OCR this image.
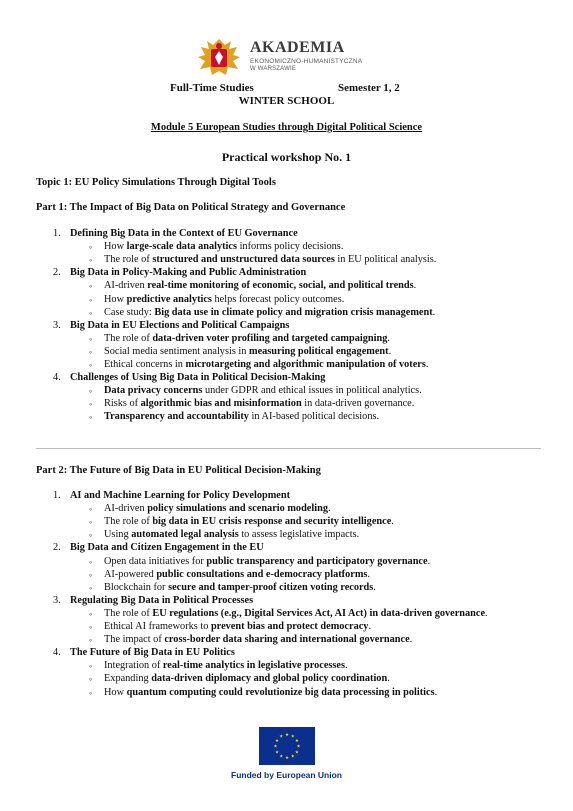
AKADEMIA
EKONOMICZNO-HUMANISTYCZNA
W WARSZAWIE
Full-Time Studies	Semester 1, 2
WINTER SCHOOL
Module 5 European Studies through Digital Political Science
Practical workshop No. 1
Topic 1: EU Policy Simulations Through Digital Tools
Part 1: The Impact of Big Data on Political Strategy and Governance
1. Defining Big Data in the Context of EU Governance
◦ How large-scale data analytics informs policy decisions.
◦ The role of structured and unstructured data sources in EU political analysis.
2. Big Data in Policy-Making and Public Administration
◦ AI-driven real-time monitoring of economic, social, and political trends.
◦ How predictive analytics helps forecast policy outcomes.
◦ Case study: Big data use in climate policy and migration crisis management.
3. Big Data in EU Elections and Political Campaigns
◦ The role of data-driven voter profiling and targeted campaigning.
◦ Social media sentiment analysis in measuring political engagement.
◦ Ethical concerns in microtargeting and algorithmic manipulation of voters.
4. Challenges of Using Big Data in Political Decision-Making
◦ Data privacy concerns under GDPR and ethical issues in political analytics.
◦ Risks of algorithmic bias and misinformation in data-driven governance.
◦ Transparency and accountability in AI-based political decisions.
Part 2: The Future of Big Data in EU Political Decision-Making
1. AI and Machine Learning for Policy Development
◦ AI-driven policy simulations and scenario modeling.
◦ The role of big data in EU crisis response and security intelligence.
◦ Using automated legal analysis to assess legislative impacts.
2. Big Data and Citizen Engagement in the EU
◦ Open data initiatives for public transparency and participatory governance.
◦ AI-powered public consultations and e-democracy platforms.
◦ Blockchain for secure and tamper-proof citizen voting records.
3. Regulating Big Data in Political Processes
◦ The role of EU regulations (e.g., Digital Services Act, AI Act) in data-driven governance.
◦ Ethical AI frameworks to prevent bias and protect democracy.
◦ The impact of cross-border data sharing and international governance.
4. The Future of Big Data in EU Politics
◦ Integration of real-time analytics in legislative processes.
◦ Expanding data-driven diplomacy and global policy coordination.
◦ How quantum computing could revolutionize big data processing in politics.
★
★
★
★
★
★
★
★
★ ★ ★
★
Funded by European Union
